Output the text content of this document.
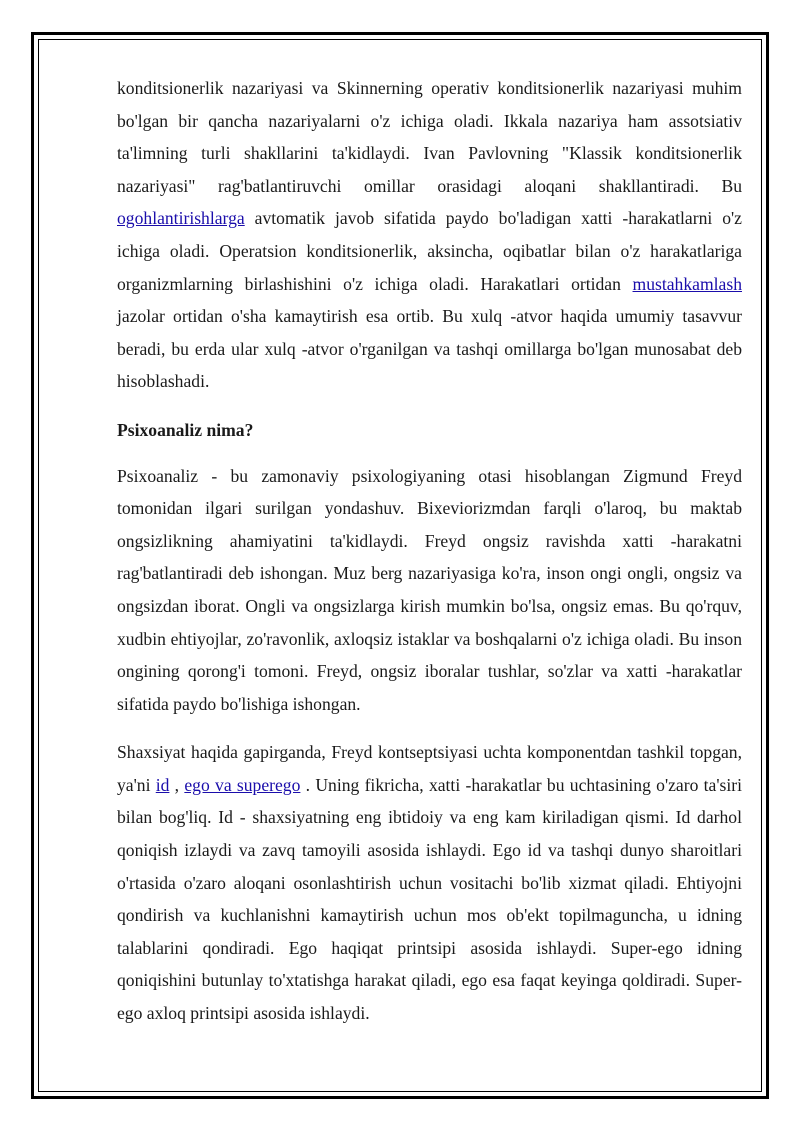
konditsionerlik nazariyasi va Skinnerning operativ konditsionerlik nazariyasi muhim bo'lgan bir qancha nazariyalarni o'z ichiga oladi. Ikkala nazariya ham assotsiativ ta'limning turli shakllarini ta'kidlaydi. Ivan Pavlovning "Klassik konditsionerlik nazariyasi" rag'batlantiruvchi omillar orasidagi aloqani shakllantiradi. Bu ogohlantirishlarga avtomatik javob sifatida paydo bo'ladigan xatti -harakatlarni o'z ichiga oladi. Operatsion konditsionerlik, aksincha, oqibatlar bilan o'z harakatlariga organizmlarning birlashishini o'z ichiga oladi. Harakatlari ortidan mustahkamlash jazolar ortidan o'sha kamaytirish esa ortib. Bu xulq -atvor haqida umumiy tasavvur beradi, bu erda ular xulq -atvor o'rganilgan va tashqi omillarga bo'lgan munosabat deb hisoblashadi.

Psixoanaliz nima?

Psixoanaliz - bu zamonaviy psixologiyaning otasi hisoblangan Zigmund Freyd tomonidan ilgari surilgan yondashuv. Bixeviorizmdan farqli o'laroq, bu maktab ongsizlikning ahamiyatini ta'kidlaydi. Freyd ongsiz ravishda xatti -harakatni rag'batlantiradi deb ishongan. Muz berg nazariyasiga ko'ra, inson ongi ongli, ongsiz va ongsizdan iborat. Ongli va ongsizlarga kirish mumkin bo'lsa, ongsiz emas. Bu qo'rquv, xudbin ehtiyojlar, zo'ravonlik, axloqsiz istaklar va boshqalarni o'z ichiga oladi. Bu inson ongining qorong'i tomoni. Freyd, ongsiz iboralar tushlar, so'zlar va xatti -harakatlar sifatida paydo bo'lishiga ishongan.

Shaxsiyat haqida gapirganda, Freyd kontseptsiyasi uchta komponentdan tashkil topgan, ya'ni id , ego va superego . Uning fikricha, xatti -harakatlar bu uchtasining o'zaro ta'siri bilan bog'liq. Id - shaxsiyatning eng ibtidoiy va eng kam kiriladigan qismi. Id darhol qoniqish izlaydi va zavq tamoyili asosida ishlaydi. Ego id va tashqi dunyo sharoitlari o'rtasida o'zaro aloqani osonlashtirish uchun vositachi bo'lib xizmat qiladi. Ehtiyojni qondirish va kuchlanishni kamaytirish uchun mos ob'ekt topilmaguncha, u idning talablarini qondiradi. Ego haqiqat printsipi asosida ishlaydi. Super-ego idning qoniqishini butunlay to'xtatishga harakat qiladi, ego esa faqat keyinga qoldiradi. Super-ego axloq printsipi asosida ishlaydi.
